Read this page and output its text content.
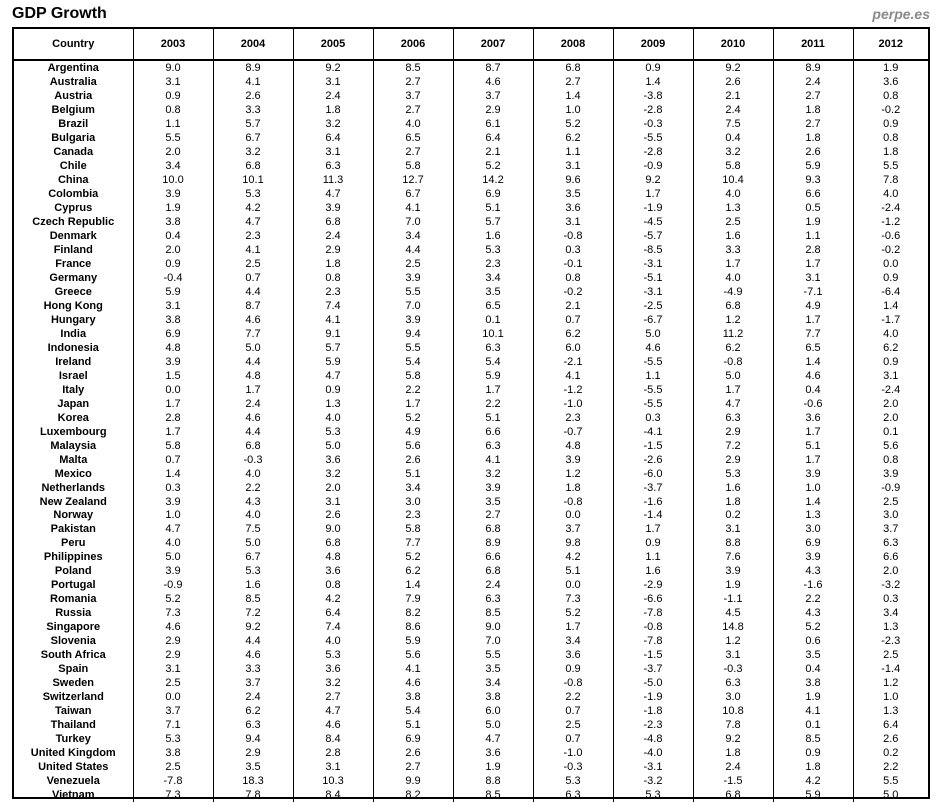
GDP Growth	perpe.es
Country	2003	2004	2005	2006	2007	2008	2009	2010	2011	2012
Argentina	9.0	8.9	9.2	8.5	8.7	6.8	0.9	9.2	8.9	1.9
Australia	3.1	4.1	3.1	2.7	4.6	2.7	1.4	2.6	2.4	3.6
Austria	0.9	2.6	2.4	3.7	3.7	1.4	-3.8	2.1	2.7	0.8
Belgium	0.8	3.3	1.8	2.7	2.9	1.0	-2.8	2.4	1.8	-0.2
Brazil	1.1	5.7	3.2	4.0	6.1	5.2	-0.3	7.5	2.7	0.9
Bulgaria	5.5	6.7	6.4	6.5	6.4	6.2	-5.5	0.4	1.8	0.8
Canada	2.0	3.2	3.1	2.7	2.1	1.1	-2.8	3.2	2.6	1.8
Chile	3.4	6.8	6.3	5.8	5.2	3.1	-0.9	5.8	5.9	5.5
China	10.0	10.1	11.3	12.7	14.2	9.6	9.2	10.4	9.3	7.8
Colombia	3.9	5.3	4.7	6.7	6.9	3.5	1.7	4.0	6.6	4.0
Cyprus	1.9	4.2	3.9	4.1	5.1	3.6	-1.9	1.3	0.5	-2.4
Czech Republic	3.8	4.7	6.8	7.0	5.7	3.1	-4.5	2.5	1.9	-1.2
Denmark	0.4	2.3	2.4	3.4	1.6	-0.8	-5.7	1.6	1.1	-0.6
Finland	2.0	4.1	2.9	4.4	5.3	0.3	-8.5	3.3	2.8	-0.2
France	0.9	2.5	1.8	2.5	2.3	-0.1	-3.1	1.7	1.7	0.0
Germany	-0.4	0.7	0.8	3.9	3.4	0.8	-5.1	4.0	3.1	0.9
Greece	5.9	4.4	2.3	5.5	3.5	-0.2	-3.1	-4.9	-7.1	-6.4
Hong Kong	3.1	8.7	7.4	7.0	6.5	2.1	-2.5	6.8	4.9	1.4
Hungary	3.8	4.6	4.1	3.9	0.1	0.7	-6.7	1.2	1.7	-1.7
India	6.9	7.7	9.1	9.4	10.1	6.2	5.0	11.2	7.7	4.0
Indonesia	4.8	5.0	5.7	5.5	6.3	6.0	4.6	6.2	6.5	6.2
Ireland	3.9	4.4	5.9	5.4	5.4	-2.1	-5.5	-0.8	1.4	0.9
Israel	1.5	4.8	4.7	5.8	5.9	4.1	1.1	5.0	4.6	3.1
Italy	0.0	1.7	0.9	2.2	1.7	-1.2	-5.5	1.7	0.4	-2.4
Japan	1.7	2.4	1.3	1.7	2.2	-1.0	-5.5	4.7	-0.6	2.0
Korea	2.8	4.6	4.0	5.2	5.1	2.3	0.3	6.3	3.6	2.0
Luxembourg	1.7	4.4	5.3	4.9	6.6	-0.7	-4.1	2.9	1.7	0.1
Malaysia	5.8	6.8	5.0	5.6	6.3	4.8	-1.5	7.2	5.1	5.6
Malta	0.7	-0.3	3.6	2.6	4.1	3.9	-2.6	2.9	1.7	0.8
Mexico	1.4	4.0	3.2	5.1	3.2	1.2	-6.0	5.3	3.9	3.9
Netherlands	0.3	2.2	2.0	3.4	3.9	1.8	-3.7	1.6	1.0	-0.9
New Zealand	3.9	4.3	3.1	3.0	3.5	-0.8	-1.6	1.8	1.4	2.5
Norway	1.0	4.0	2.6	2.3	2.7	0.0	-1.4	0.2	1.3	3.0
Pakistan	4.7	7.5	9.0	5.8	6.8	3.7	1.7	3.1	3.0	3.7
Peru	4.0	5.0	6.8	7.7	8.9	9.8	0.9	8.8	6.9	6.3
Philippines	5.0	6.7	4.8	5.2	6.6	4.2	1.1	7.6	3.9	6.6
Poland	3.9	5.3	3.6	6.2	6.8	5.1	1.6	3.9	4.3	2.0
Portugal	-0.9	1.6	0.8	1.4	2.4	0.0	-2.9	1.9	-1.6	-3.2
Romania	5.2	8.5	4.2	7.9	6.3	7.3	-6.6	-1.1	2.2	0.3
Russia	7.3	7.2	6.4	8.2	8.5	5.2	-7.8	4.5	4.3	3.4
Singapore	4.6	9.2	7.4	8.6	9.0	1.7	-0.8	14.8	5.2	1.3
Slovenia	2.9	4.4	4.0	5.9	7.0	3.4	-7.8	1.2	0.6	-2.3
South Africa	2.9	4.6	5.3	5.6	5.5	3.6	-1.5	3.1	3.5	2.5
Spain	3.1	3.3	3.6	4.1	3.5	0.9	-3.7	-0.3	0.4	-1.4
Sweden	2.5	3.7	3.2	4.6	3.4	-0.8	-5.0	6.3	3.8	1.2
Switzerland	0.0	2.4	2.7	3.8	3.8	2.2	-1.9	3.0	1.9	1.0
Taiwan	3.7	6.2	4.7	5.4	6.0	0.7	-1.8	10.8	4.1	1.3
Thailand	7.1	6.3	4.6	5.1	5.0	2.5	-2.3	7.8	0.1	6.4
Turkey	5.3	9.4	8.4	6.9	4.7	0.7	-4.8	9.2	8.5	2.6
United Kingdom	3.8	2.9	2.8	2.6	3.6	-1.0	-4.0	1.8	0.9	0.2
United States	2.5	3.5	3.1	2.7	1.9	-0.3	-3.1	2.4	1.8	2.2
Venezuela	-7.8	18.3	10.3	9.9	8.8	5.3	-3.2	-1.5	4.2	5.5
Vietnam	7.3	7.8	8.4	8.2	8.5	6.3	5.3	6.8	5.9	5.0
